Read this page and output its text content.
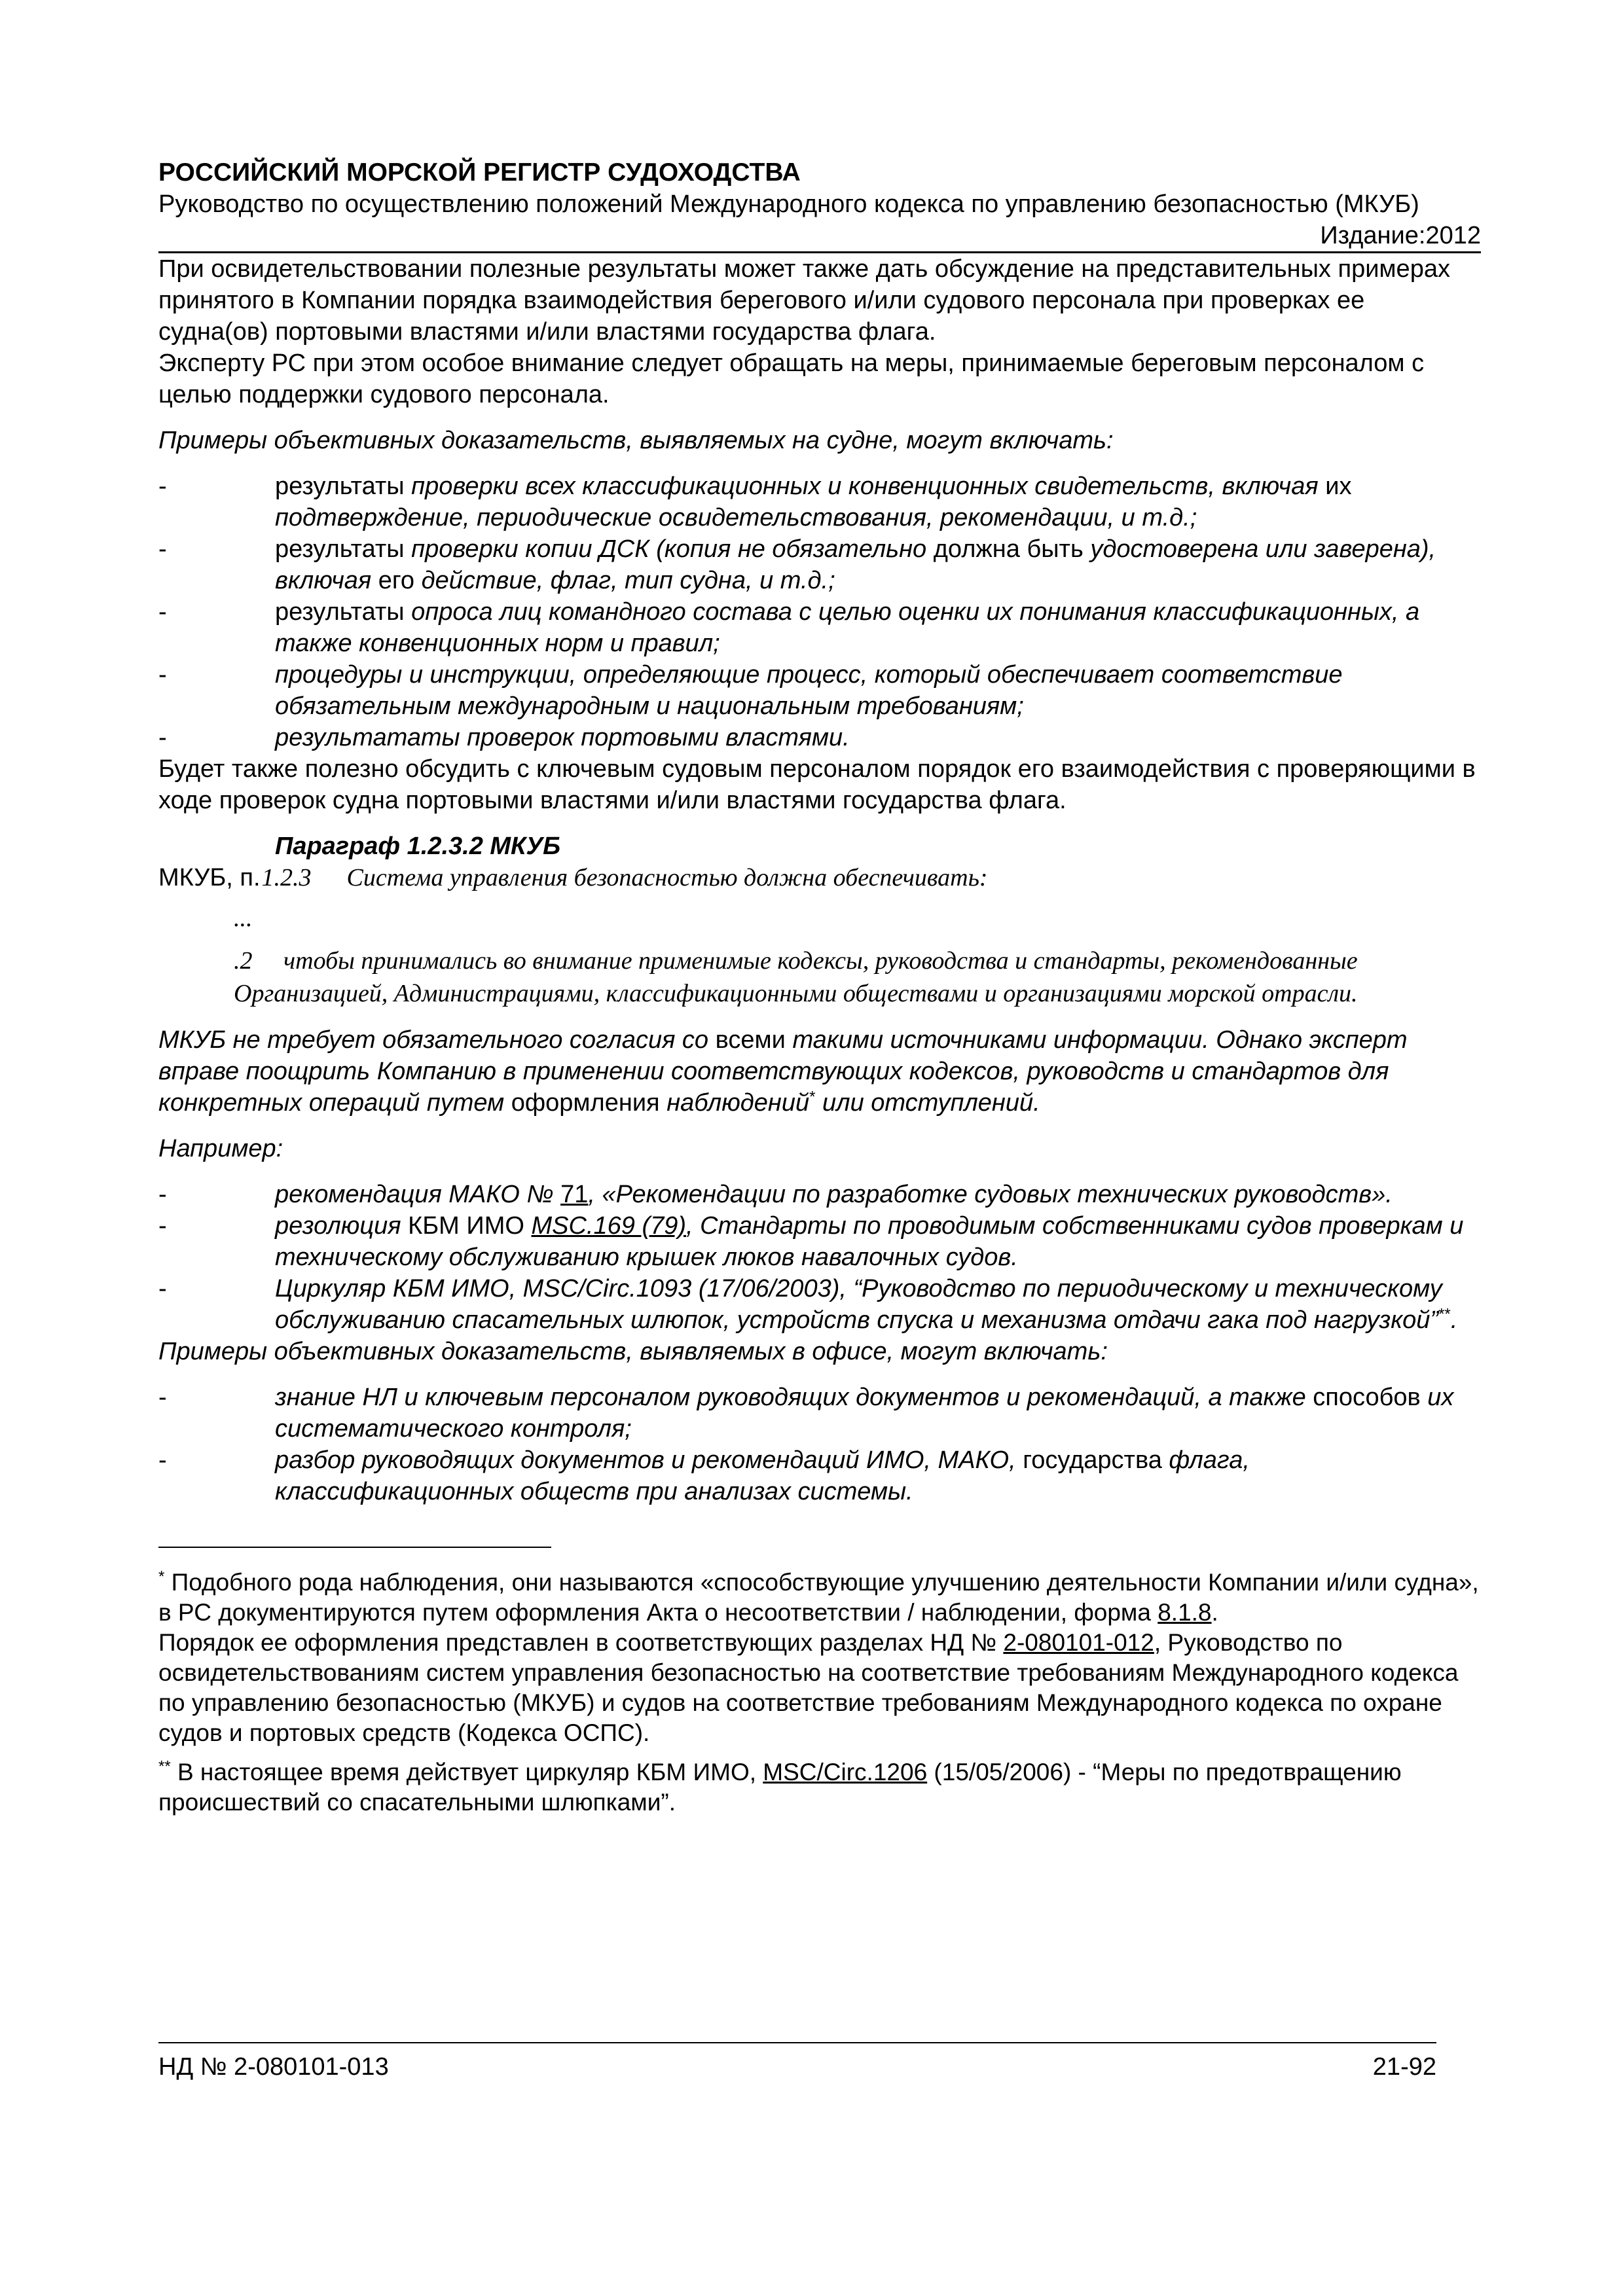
РОССИЙСКИЙ МОРСКОЙ РЕГИСТР СУДОХОДСТВА
Руководство по осуществлению положений Международного кодекса по управлению безопасностью (МКУБ)
Издание:2012

При освидетельствовании полезные результаты может также дать обсуждение на представительных примерах принятого в Компании порядка взаимодействия берегового и/или судового персонала при проверках ее судна(ов) портовыми властями и/или властями государства флага.

Эксперту РС при этом особое внимание следует обращать на меры, принимаемые береговым персоналом с целью поддержки судового персонала.

Примеры объективных доказательств, выявляемых на судне, могут включать:

-	результаты проверки всех классификационных и конвенционных свидетельств, включая их подтверждение, периодические освидетельствования, рекомендации, и т.д.;
-	результаты проверки копии ДСК (копия не обязательно должна быть удостоверена или заверена), включая его действие, флаг, тип судна, и т.д.;
-	результаты опроса лиц командного состава с целью оценки их понимания классификационных, а также конвенционных норм и правил;
-	процедуры и инструкции, определяющие процесс, который обеспечивает соответствие обязательным международным и национальным требованиям;
-	результататы проверок портовыми властями.

Будет также полезно обсудить с ключевым судовым персоналом порядок его взаимодействия с проверяющими в ходе проверок судна портовыми властями и/или властями государства флага.

Параграф 1.2.3.2 МКУБ

МКУБ, п. 1.2.3	Система управления безопасностью должна обеспечивать:
...
.2 чтобы принимались во внимание применимые кодексы, руководства и стандарты, рекомендованные Организацией, Администрациями, классификационными обществами и организациями морской отрасли.

МКУБ не требует обязательного согласия со всеми такими источниками информации. Однако эксперт вправе поощрить Компанию в применении соответствующих кодексов, руководств и стандартов для конкретных операций путем оформления наблюдений* или отступлений.

Например:

-	рекомендация МАКО № 71, «Рекомендации по разработке судовых технических руководств».
-	резолюция КБМ ИМО MSC.169 (79), Стандарты по проводимым собственниками судов проверкам и техническому обслуживанию крышек люков навалочных судов.
-	Циркуляр КБМ ИМО, MSC/Circ.1093 (17/06/2003), “Руководство по периодическому и техническому обслуживанию спасательных шлюпок, устройств спуска и механизма отдачи гака под нагрузкой”**.

Примеры объективных доказательств, выявляемых в офисе, могут включать:

-	знание НЛ и ключевым персоналом руководящих документов и рекомендаций, а также способов их систематического контроля;
-	разбор руководящих документов и рекомендаций ИМО, МАКО, государства флага, классификационных обществ при анализах системы.

* Подобного рода наблюдения, они называются «способствующие улучшению деятельности Компании и/или судна», в РС документируются путем оформления Акта о несоответствии / наблюдении, форма 8.1.8.

Порядок ее оформления представлен в соответствующих разделах НД № 2-080101-012, Руководство по освидетельствованиям систем управления безопасностью на соответствие требованиям Международного кодекса по управлению безопасностью (МКУБ) и судов на соответствие требованиям Международного кодекса по охране судов и портовых средств (Кодекса ОСПС).

** В настоящее время действует циркуляр КБМ ИМО, MSC/Circ.1206 (15/05/2006) - “Меры по предотвращению происшествий со спасательными шлюпками”.

НД № 2-080101-013	21-92
